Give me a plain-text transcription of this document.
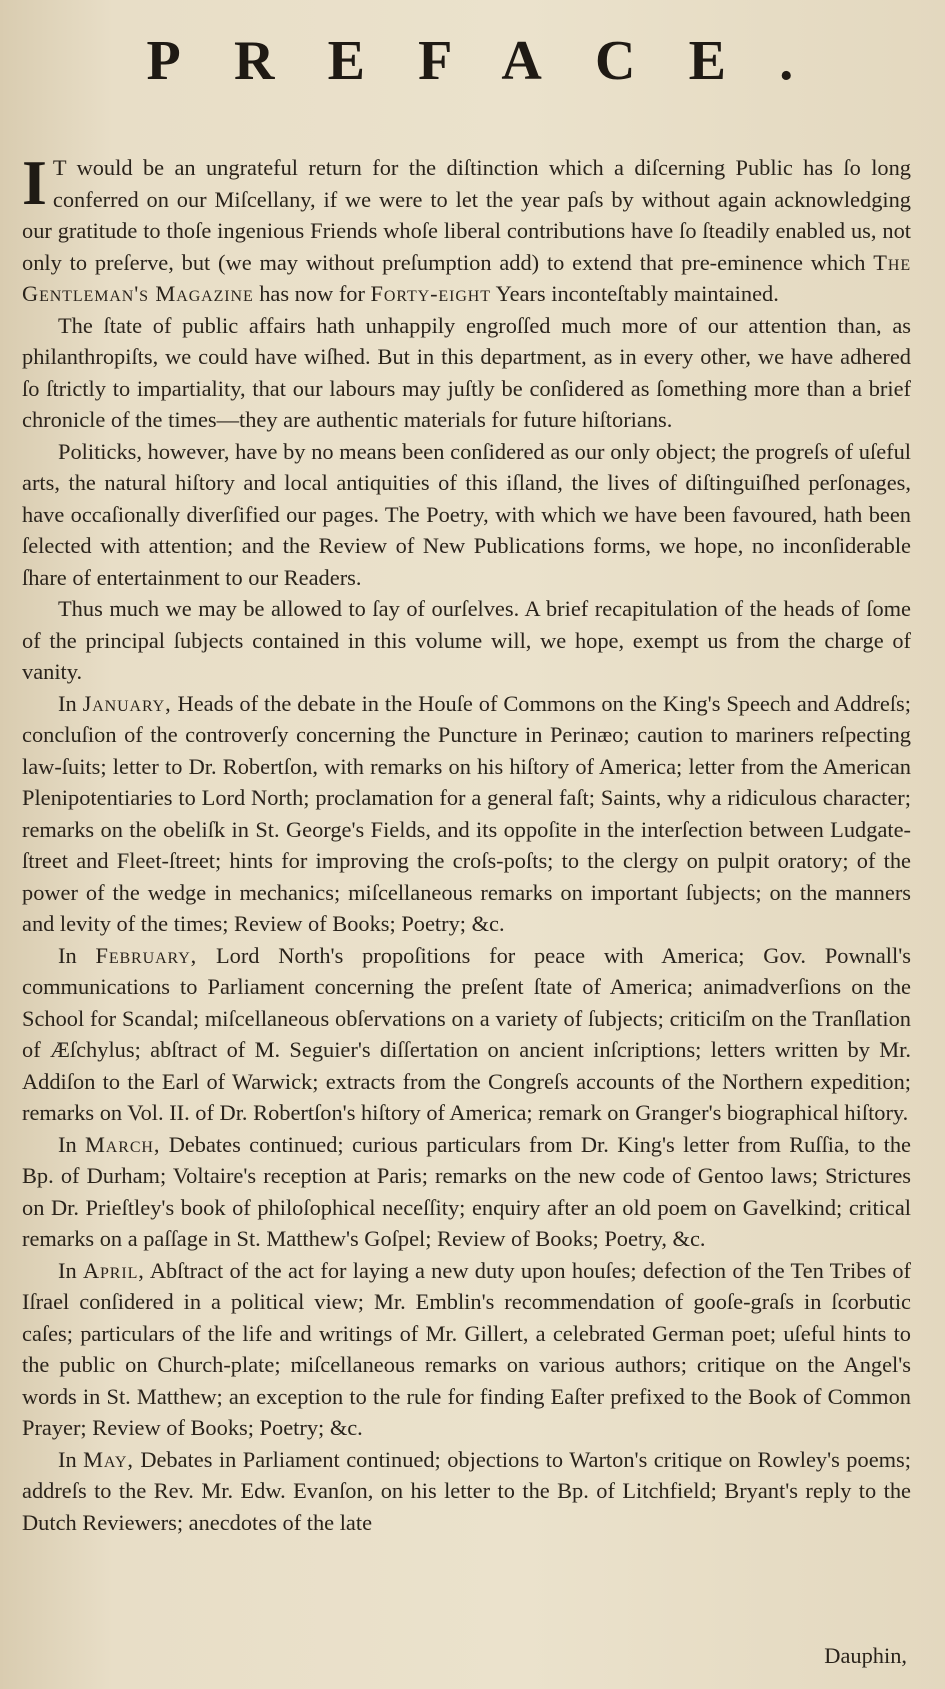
PREFACE.

I T would be an ungrateful return for the diſtinction which a diſcerning Public has ſo long conferred on our Miſcellany, if we were to let the year paſs by without again acknowledging our gratitude to thoſe ingenious Friends whoſe liberal contributions have ſo ſteadily enabled us, not only to preſerve, but (we may without preſumption add) to extend that pre-eminence which The Gentleman's Magazine has now for Forty-eight Years inconteſtably maintained.

The ſtate of public affairs hath unhappily engroſſed much more of our attention than, as philanthropiſts, we could have wiſhed. But in this department, as in every other, we have adhered ſo ſtrictly to impartiality, that our labours may juſtly be conſidered as ſomething more than a brief chronicle of the times—they are authentic materials for future hiſtorians.

Politicks, however, have by no means been conſidered as our only object; the progreſs of uſeful arts, the natural hiſtory and local antiquities of this iſland, the lives of diſtinguiſhed perſonages, have occaſionally diverſified our pages. The Poetry, with which we have been favoured, hath been ſelected with attention; and the Review of New Publications forms, we hope, no inconſiderable ſhare of entertainment to our Readers.

Thus much we may be allowed to ſay of ourſelves. A brief recapitulation of the heads of ſome of the principal ſubjects contained in this volume will, we hope, exempt us from the charge of vanity.

In January, Heads of the debate in the Houſe of Commons on the King's Speech and Addreſs; concluſion of the controverſy concerning the Puncture in Perinæo; caution to mariners reſpecting law-ſuits; letter to Dr. Robertſon, with remarks on his hiſtory of America; letter from the American Plenipotentiaries to Lord North; proclamation for a general faſt; Saints, why a ridiculous character; remarks on the obeliſk in St. George's Fields, and its oppoſite in the interſection between Ludgate-ſtreet and Fleet-ſtreet; hints for improving the croſs-poſts; to the clergy on pulpit oratory; of the power of the wedge in mechanics; miſcellaneous remarks on important ſubjects; on the manners and levity of the times; Review of Books; Poetry; &c.

In February, Lord North's propoſitions for peace with America; Gov. Pownall's communications to Parliament concerning the preſent ſtate of America; animadverſions on the School for Scandal; miſcellaneous obſervations on a variety of ſubjects; criticiſm on the Tranſlation of Æſchylus; abſtract of M. Seguier's diſſertation on ancient inſcriptions; letters written by Mr. Addiſon to the Earl of Warwick; extracts from the Congreſs accounts of the Northern expedition; remarks on Vol. II. of Dr. Robertſon's hiſtory of America; remark on Granger's biographical hiſtory.

In March, Debates continued; curious particulars from Dr. King's letter from Ruſſia, to the Bp. of Durham; Voltaire's reception at Paris; remarks on the new code of Gentoo laws; Strictures on Dr. Prieſtley's book of philoſophical neceſſity; enquiry after an old poem on Gavelkind; critical remarks on a paſſage in St. Matthew's Goſpel; Review of Books; Poetry, &c.

In April, Abſtract of the act for laying a new duty upon houſes; defection of the Ten Tribes of Iſrael conſidered in a political view; Mr. Emblin's recommendation of gooſe-graſs in ſcorbutic caſes; particulars of the life and writings of Mr. Gillert, a celebrated German poet; uſeful hints to the public on Church-plate; miſcellaneous remarks on various authors; critique on the Angel's words in St. Matthew; an exception to the rule for finding Eaſter prefixed to the Book of Common Prayer; Review of Books; Poetry; &c.

In May, Debates in Parliament continued; objections to Warton's critique on Rowley's poems; addreſs to the Rev. Mr. Edw. Evanſon, on his letter to the Bp. of Litchfield; Bryant's reply to the Dutch Reviewers; anecdotes of the late

Dauphin,
